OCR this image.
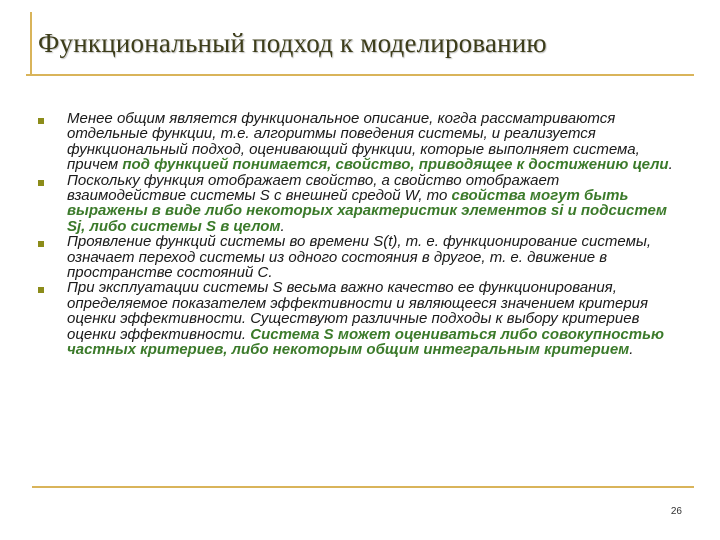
Функциональный подход к моделированию
Менее общим является функциональное описание, когда рассматриваются отдельные функции, т.е. алгоритмы поведения системы, и реализуется функциональный подход, оценивающий функции, которые выполняет система, причем под функцией понимается, свойство, приводящее к достижению цели.
Поскольку функция отображает свойство, а свойство отображает взаимодействие системы S с внешней средой W, то свойства могут быть выражены в виде либо некоторых характеристик элементов si и подсистем Sj, либо системы S в целом.
Проявление функций системы во времени S(t), т. е. функционирование системы, означает переход системы из одного состояния в другое, т. е. движение в пространстве состояний C.
При эксплуатации системы S весьма важно качество ее функционирования, определяемое показателем эффективности и являющееся значением критерия оценки эффективности. Существуют различные подходы к выбору критериев оценки эффективности. Система S может оцениваться либо совокупностью частных критериев, либо некоторым общим интегральным критерием.
26
